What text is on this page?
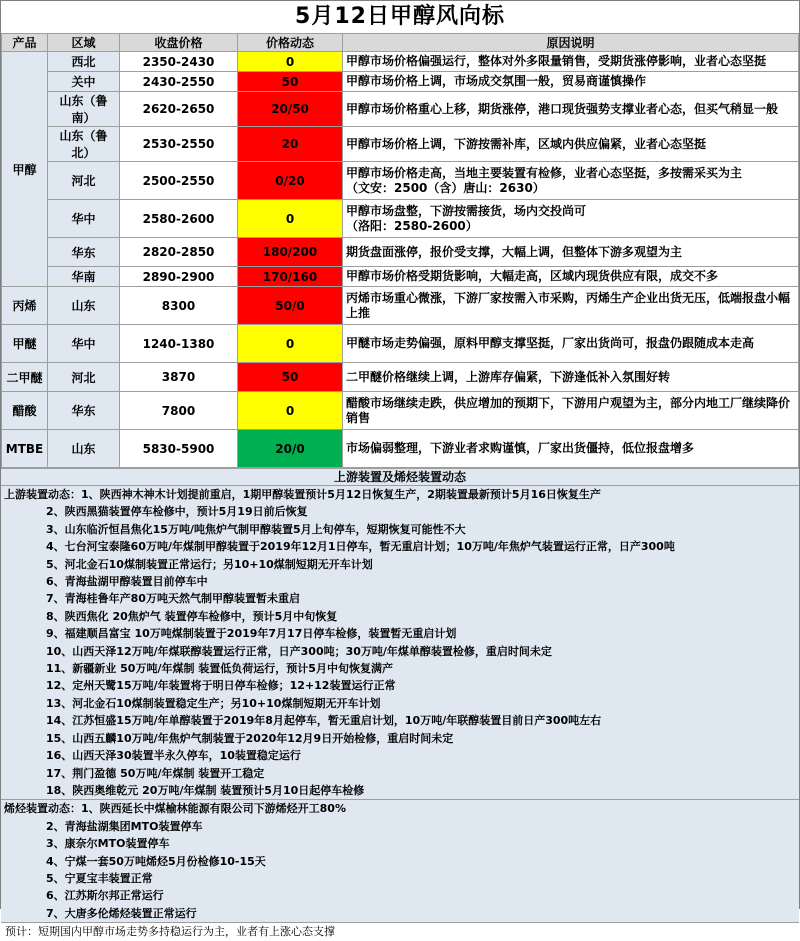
5月12日甲醇风向标
产品	区域	收盘价格	价格动态	原因说明
甲醇	西北	2350-2430	0	甲醇市场价格偏强运行，整体对外多限量销售，受期货涨停影响，业者心态坚挺

	关中	2430-2550	50	甲醇市场价格上调，市场成交氛围一般，贸易商谨慎操作

	山东（鲁南）	2620-2650	20/50	甲醇市场价格重心上移，期货涨停，港口现货强势支撑业者心态，但买气稍显一般

	山东（鲁北）	2530-2550	20	甲醇市场价格上调，下游按需补库，区域内供应偏紧，业者心态坚挺

	河北	2500-2550	0/20	甲醇市场价格走高，当地主要装置有检修，业者心态坚挺，多按需采买为主
（文安：2500（含）唐山：2630）

	华中	2580-2600	0	甲醇市场盘整，下游按需接货，场内交投尚可
（洛阳：2580-2600）

	华东	2820-2850	180/200	期货盘面涨停，报价受支撑，大幅上调，但整体下游多观望为主

	华南	2890-2900	170/160	甲醇市场价格受期货影响，大幅走高，区域内现货供应有限，成交不多

丙烯	山东	8300	50/0	丙烯市场重心微涨，下游厂家按需入市采购，丙烯生产企业出货无压，低端报盘小幅上推

甲醚	华中	1240-1380	0	甲醚市场走势偏强，原料甲醇支撑坚挺，厂家出货尚可，报盘仍跟随成本走高

二甲醚	河北	3870	50	二甲醚价格继续上调，上游库存偏紧，下游逢低补入氛围好转

醋酸	华东	7800	0	醋酸市场继续走跌，供应增加的预期下，下游用户观望为主，部分内地工厂继续降价销售

MTBE	山东	5830-5900	20/0	市场偏弱整理，下游业者求购谨慎，厂家出货僵持，低位报盘增多
上游装置及烯烃装置动态
上游装置动态：1、陕西神木神木计划提前重启，1期甲醇装置预计5月12日恢复生产，2期装置最新预计5月16日恢复生产
2、陕西黑猫装置停车检修中，预计5月19日前后恢复
3、山东临沂恒昌焦化15万吨/吨焦炉气制甲醇装置5月上旬停车，短期恢复可能性不大
4、七台河宝泰隆60万吨/年煤制甲醇装置于2019年12月1日停车，暂无重启计划；10万吨/年焦炉气装置运行正常，日产300吨
5、河北金石10煤制装置正常运行；另10+10煤制短期无开车计划
6、青海盐湖甲醇装置目前停车中
7、青海桂鲁年产80万吨天然气制甲醇装置暂未重启
8、陕西焦化 20焦炉气 装置停车检修中，预计5月中旬恢复
9、福建顺昌富宝 10万吨煤制装置于2019年7月17日停车检修，装置暂无重启计划
10、山西天泽12万吨/年煤联醇装置运行正常，日产300吨；30万吨/年煤单醇装置检修，重启时间未定
11、新疆新业 50万吨/年煤制 装置低负荷运行，预计5月中旬恢复满产
12、定州天鹭15万吨/年装置将于明日停车检修；12+12装置运行正常
13、河北金石10煤制装置稳定生产；另10+10煤制短期无开车计划
14、江苏恒盛15万吨/年单醇装置于2019年8月起停车，暂无重启计划，10万吨/年联醇装置目前日产300吨左右
15、山西五麟10万吨/年焦炉气制装置于2020年12月9日开始检修，重启时间未定
16、山西天泽30装置半永久停车，10装置稳定运行
17、荆门盈德 50万吨/年煤制 装置开工稳定
18、陕西奥维乾元 20万吨/年煤制 装置预计5月10日起停车检修
烯烃装置动态：1、陕西延长中煤榆林能源有限公司下游烯烃开工80%
2、青海盐湖集团MTO装置停车
3、康奈尔MTO装置停车
4、宁煤一套50万吨烯烃5月份检修10-15天
5、宁夏宝丰装置正常
6、江苏斯尔邦正常运行
7、大唐多伦烯烃装置正常运行
预计：短期国内甲醇市场走势多持稳运行为主，业者有上涨心态支撑
